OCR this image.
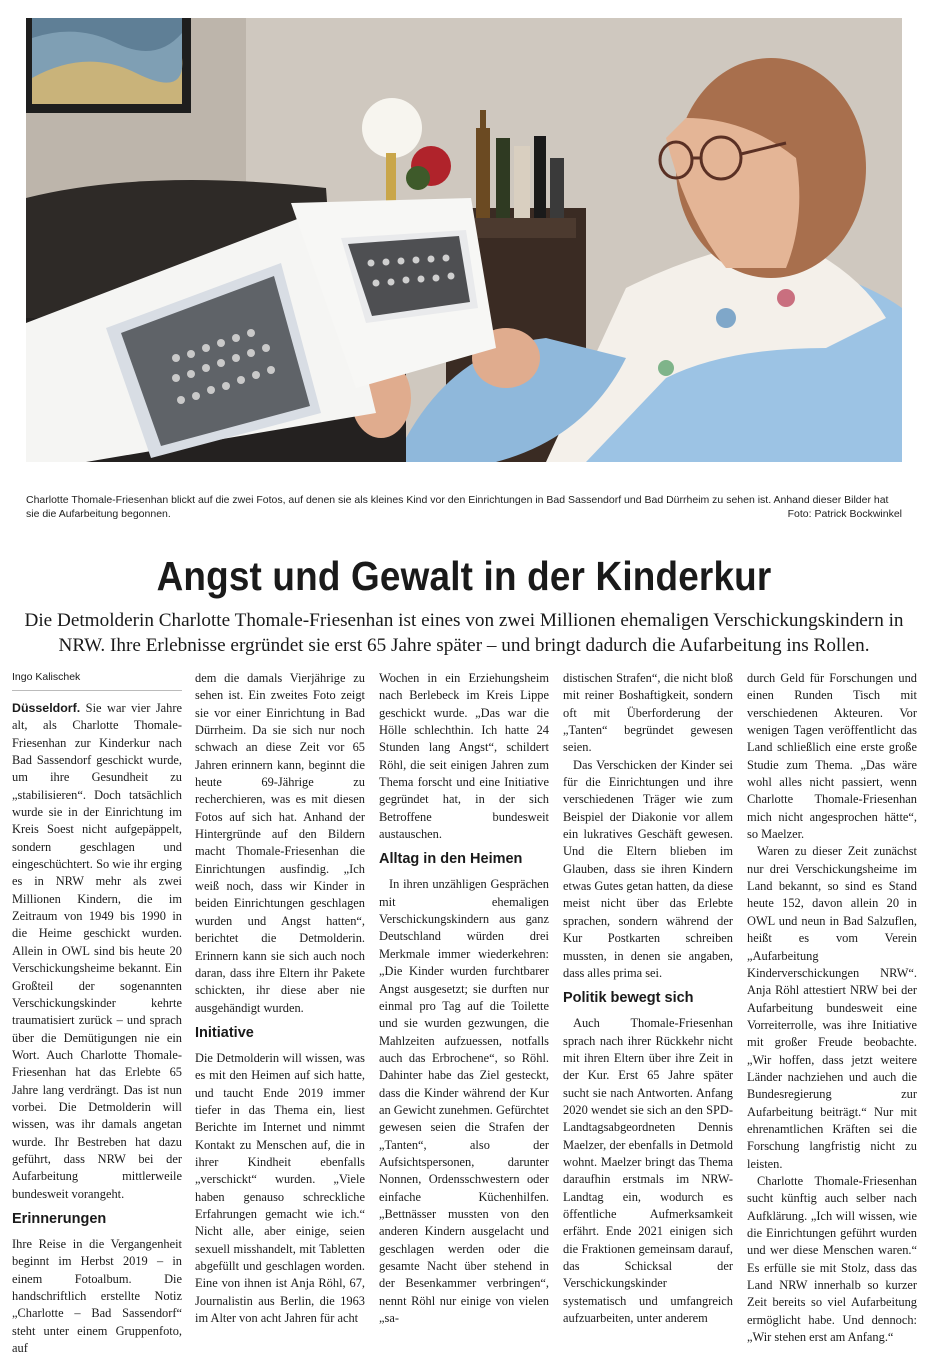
Charlotte Thomale-Friesenhan blickt auf die zwei Fotos, auf denen sie als kleines Kind vor den Einrichtungen in Bad Sassendorf und Bad Dürrheim zu sehen ist. Anhand dieser Bilder hat sie die Aufarbeitung begonnen.	Foto: Patrick Bockwinkel
Angst und Gewalt in der Kinderkur

Die Detmolderin Charlotte Thomale-Friesenhan ist eines von zwei Millionen ehemaligen Verschickungskindern in NRW. Ihre Erlebnisse ergründet sie erst 65 Jahre später – und bringt dadurch die Aufarbeitung ins Rollen.

Ingo Kalischek

Düsseldorf. Sie war vier Jahre alt, als Charlotte Thomale-Friesenhan zur Kinderkur nach Bad Sassendorf geschickt wurde, um ihre Gesundheit zu „stabilisieren“. Doch tatsächlich wurde sie in der Einrichtung im Kreis Soest nicht aufgepäppelt, sondern geschlagen und eingeschüchtert. So wie ihr erging es in NRW mehr als zwei Millionen Kindern, die im Zeitraum von 1949 bis 1990 in die Heime geschickt wurden. Allein in OWL sind bis heute 20 Verschickungsheime bekannt. Ein Großteil der sogenannten Verschickungskinder kehrte traumatisiert zurück – und sprach über die Demütigungen nie ein Wort. Auch Charlotte Thomale-Friesenhan hat das Erlebte 65 Jahre lang verdrängt. Das ist nun vorbei. Die Detmolderin will wissen, was ihr damals angetan wurde. Ihr Bestreben hat dazu geführt, dass NRW bei der Aufarbeitung mittlerweile bundesweit vorangeht.

Erinnerungen

Ihre Reise in die Vergangenheit beginnt im Herbst 2019 – in einem Fotoalbum. Die handschriftlich erstellte Notiz „Charlotte – Bad Sassendorf“ steht unter einem Gruppenfoto, auf

dem die damals Vierjährige zu sehen ist. Ein zweites Foto zeigt sie vor einer Einrichtung in Bad Dürrheim. Da sie sich nur noch schwach an diese Zeit vor 65 Jahren erinnern kann, beginnt die heute 69-Jährige zu recherchieren, was es mit diesen Fotos auf sich hat. Anhand der Hintergründe auf den Bildern macht Thomale-Friesenhan die Einrichtungen ausfindig. „Ich weiß noch, dass wir Kinder in beiden Einrichtungen geschlagen wurden und Angst hatten“, berichtet die Detmolderin. Erinnern kann sie sich auch noch daran, dass ihre Eltern ihr Pakete schickten, ihr diese aber nie ausgehändigt wurden.

Initiative

Die Detmolderin will wissen, was es mit den Heimen auf sich hatte, und taucht Ende 2019 immer tiefer in das Thema ein, liest Berichte im Internet und nimmt Kontakt zu Menschen auf, die in ihrer Kindheit ebenfalls „verschickt“ wurden. „Viele haben genauso schreckliche Erfahrungen gemacht wie ich.“ Nicht alle, aber einige, seien sexuell misshandelt, mit Tabletten abgefüllt und geschlagen worden. Eine von ihnen ist Anja Röhl, 67, Journalistin aus Berlin, die 1963 im Alter von acht Jahren für acht

Wochen in ein Erziehungsheim nach Berlebeck im Kreis Lippe geschickt wurde. „Das war die Hölle schlechthin. Ich hatte 24 Stunden lang Angst“, schildert Röhl, die seit einigen Jahren zum Thema forscht und eine Initiative gegründet hat, in der sich Betroffene bundesweit austauschen.

Alltag in den Heimen

In ihren unzähligen Gesprächen mit ehemaligen Verschickungskindern aus ganz Deutschland würden drei Merkmale immer wiederkehren: „Die Kinder wurden furchtbarer Angst ausgesetzt; sie durften nur einmal pro Tag auf die Toilette und sie wurden gezwungen, die Mahlzeiten aufzuessen, notfalls auch das Erbrochene“, so Röhl. Dahinter habe das Ziel gesteckt, dass die Kinder während der Kur an Gewicht zunehmen. Gefürchtet gewesen seien die Strafen der „Tanten“, also der Aufsichtspersonen, darunter Nonnen, Ordensschwestern oder einfache Küchenhilfen. „Bettnässer mussten von den anderen Kindern ausgelacht und geschlagen werden oder die gesamte Nacht über stehend in der Besenkammer verbringen“, nennt Röhl nur einige von vielen „sa-

distischen Strafen“, die nicht bloß mit reiner Boshaftigkeit, sondern oft mit Überforderung der „Tanten“ begründet gewesen seien.

Das Verschicken der Kinder sei für die Einrichtungen und ihre verschiedenen Träger wie zum Beispiel der Diakonie vor allem ein lukratives Geschäft gewesen. Und die Eltern blieben im Glauben, dass sie ihren Kindern etwas Gutes getan hatten, da diese meist nicht über das Erlebte sprachen, sondern während der Kur Postkarten schreiben mussten, in denen sie angaben, dass alles prima sei.

Politik bewegt sich

Auch Thomale-Friesenhan sprach nach ihrer Rückkehr nicht mit ihren Eltern über ihre Zeit in der Kur. Erst 65 Jahre später sucht sie nach Antworten. Anfang 2020 wendet sie sich an den SPD-Landtagsabgeordneten Dennis Maelzer, der ebenfalls in Detmold wohnt. Maelzer bringt das Thema daraufhin erstmals im NRW-Landtag ein, wodurch es öffentliche Aufmerksamkeit erfährt. Ende 2021 einigen sich die Fraktionen gemeinsam darauf, das Schicksal der Verschickungskinder systematisch und umfangreich aufzuarbeiten, unter anderem

durch Geld für Forschungen und einen Runden Tisch mit verschiedenen Akteuren. Vor wenigen Tagen veröffentlicht das Land schließlich eine erste große Studie zum Thema. „Das wäre wohl alles nicht passiert, wenn Charlotte Thomale-Friesenhan mich nicht angesprochen hätte“, so Maelzer.

Waren zu dieser Zeit zunächst nur drei Verschickungsheime im Land bekannt, so sind es Stand heute 152, davon allein 20 in OWL und neun in Bad Salzuflen, heißt es vom Verein „Aufarbeitung Kinderverschickungen NRW“. Anja Röhl attestiert NRW bei der Aufarbeitung bundesweit eine Vorreiterrolle, was ihre Initiative mit großer Freude beobachte. „Wir hoffen, dass jetzt weitere Länder nachziehen und auch die Bundesregierung zur Aufarbeitung beiträgt.“ Nur mit ehrenamtlichen Kräften sei die Forschung langfristig nicht zu leisten.

Charlotte Thomale-Friesenhan sucht künftig auch selber nach Aufklärung. „Ich will wissen, wie die Einrichtungen geführt wurden und wer diese Menschen waren.“ Es erfülle sie mit Stolz, dass das Land NRW innerhalb so kurzer Zeit bereits so viel Aufarbeitung ermöglicht habe. Und dennoch: „Wir stehen erst am Anfang.“
